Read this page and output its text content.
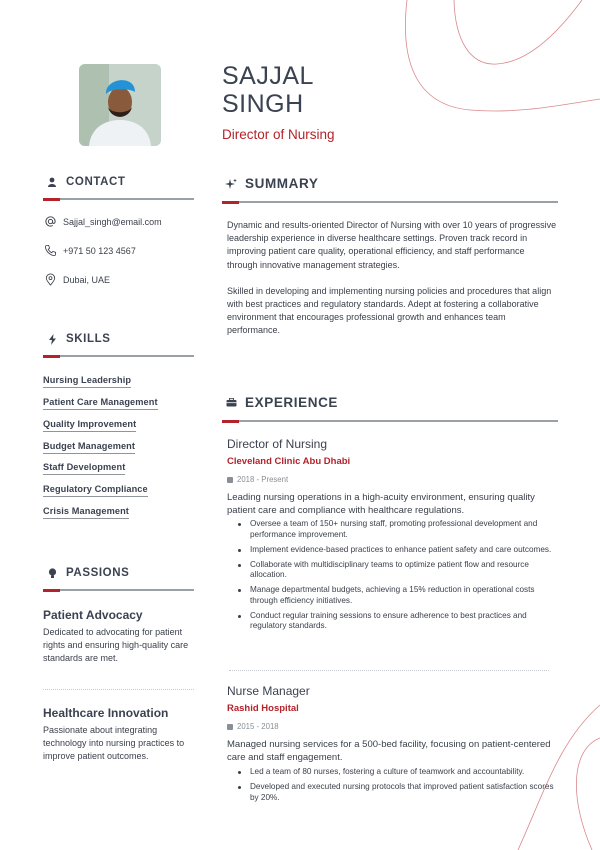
SAJJAL
SINGH
Director of Nursing
CONTACT
Sajjal_singh@email.com
+971 50 123 4567
Dubai, UAE
SKILLS
Nursing Leadership
Patient Care Management
Quality Improvement
Budget Management
Staff Development
Regulatory Compliance
Crisis Management
PASSIONS
Patient Advocacy
Dedicated to advocating for patient rights and ensuring high-quality care standards are met.
Healthcare Innovation
Passionate about integrating technology into nursing practices to improve patient outcomes.
SUMMARY

Dynamic and results-oriented Director of Nursing with over 10 years of progressive leadership experience in diverse healthcare settings. Proven track record in improving patient care quality, operational efficiency, and staff performance through innovative management strategies.

Skilled in developing and implementing nursing policies and procedures that align with best practices and regulatory standards. Adept at fostering a collaborative environment that encourages professional growth and enhances team performance.

EXPERIENCE
Director of Nursing
Cleveland Clinic Abu Dhabi
2018 - Present
Leading nursing operations in a high-acuity environment, ensuring quality patient care and compliance with healthcare regulations.
Oversee a team of 150+ nursing staff, promoting professional development and performance improvement.
Implement evidence-based practices to enhance patient safety and care outcomes.
Collaborate with multidisciplinary teams to optimize patient flow and resource allocation.
Manage departmental budgets, achieving a 15% reduction in operational costs through efficiency initiatives.
Conduct regular training sessions to ensure adherence to best practices and regulatory standards.
Nurse Manager
Rashid Hospital
2015 - 2018
Managed nursing services for a 500-bed facility, focusing on patient-centered care and staff engagement.
Led a team of 80 nurses, fostering a culture of teamwork and accountability.
Developed and executed nursing protocols that improved patient satisfaction scores by 20%.
